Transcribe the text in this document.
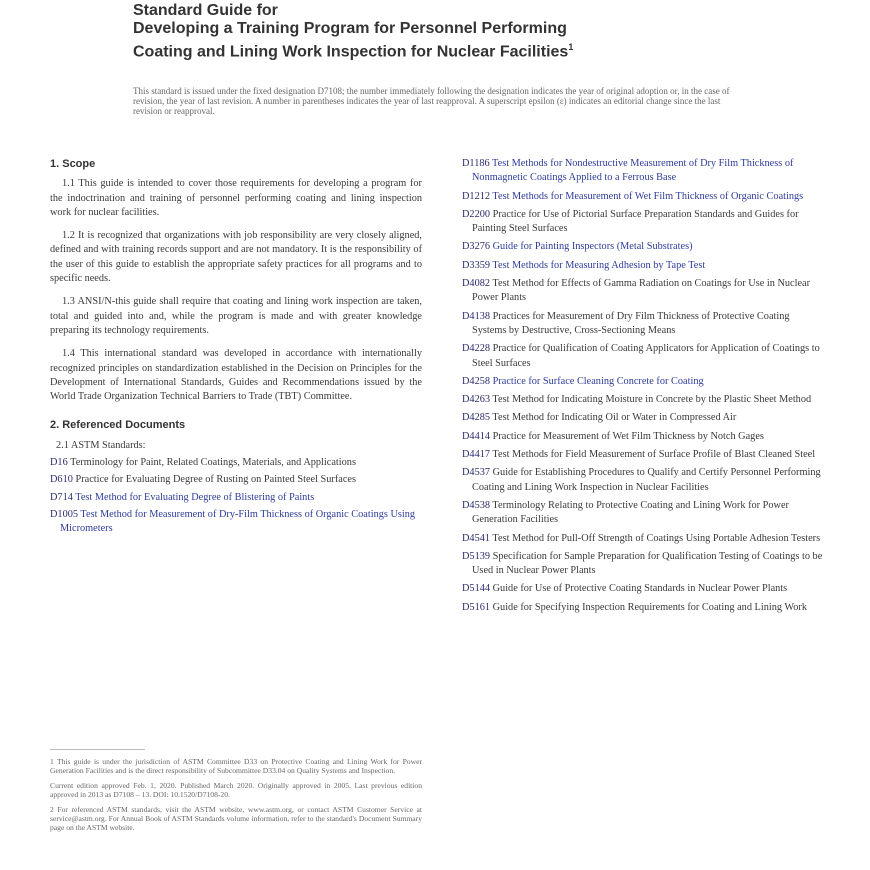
Standard Guide for

Developing a Training Program for Personnel Performing

Coating and Lining Work Inspection for Nuclear Facilities$^1$

This standard is issued under the fixed designation D7108; the number immediately following the designation indicates the year of original adoption or, in the case of revision, the year of last revision. A number in parentheses indicates the year of last reapproval. A superscript epsilon (ε) indicates an editorial change since the last revision or reapproval.
1. Scope

1.1 This guide is intended to cover those requirements for developing a program for the indoctrination and training of personnel performing coating and lining inspection work for nuclear facilities.

1.2 It is recognized that organizations with job responsibility are very closely aligned, defined and with training records support and are not mandatory. It is the responsibility of the user of this guide to establish the appropriate safety practices for all programs and to specific needs.

1.3 ANSI/N-this guide shall require that coating and lining work inspection are taken, total and guided into and, while the program is made and with greater knowledge preparing its technology requirements.

1.4 This international standard was developed in accordance with internationally recognized principles on standardization established in the Decision on Principles for the Development of International Standards, Guides and Recommendations issued by the World Trade Organization Technical Barriers to Trade (TBT) Committee.

2. Referenced Documents

2.1 ASTM Standards:

D16 Terminology for Paint, Related Coatings, Materials, and Applications

D610 Practice for Evaluating Degree of Rusting on Painted Steel Surfaces

D714 Test Method for Evaluating Degree of Blistering of Paints

D1005 Test Method for Measurement of Dry-Film Thickness of Organic Coatings Using Micrometers

D1186 Test Methods for Nondestructive Measurement of Dry Film Thickness of Nonmagnetic Coatings Applied to a Ferrous Base

D1212 Test Methods for Measurement of Wet Film Thickness of Organic Coatings

D2200 Practice for Use of Pictorial Surface Preparation Standards and Guides for Painting Steel Surfaces

D3276 Guide for Painting Inspectors (Metal Substrates)

D3359 Test Methods for Measuring Adhesion by Tape Test

D4082 Test Method for Effects of Gamma Radiation on Coatings for Use in Nuclear Power Plants

D4138 Practices for Measurement of Dry Film Thickness of Protective Coating Systems by Destructive, Cross-Sectioning Means

D4228 Practice for Qualification of Coating Applicators for Application of Coatings to Steel Surfaces

D4258 Practice for Surface Cleaning Concrete for Coating

D4263 Test Method for Indicating Moisture in Concrete by the Plastic Sheet Method

D4285 Test Method for Indicating Oil or Water in Compressed Air

D4414 Practice for Measurement of Wet Film Thickness by Notch Gages

D4417 Test Methods for Field Measurement of Surface Profile of Blast Cleaned Steel

D4537 Guide for Establishing Procedures to Qualify and Certify Personnel Performing Coating and Lining Work Inspection in Nuclear Facilities

D4538 Terminology Relating to Protective Coating and Lining Work for Power Generation Facilities

D4541 Test Method for Pull-Off Strength of Coatings Using Portable Adhesion Testers

D5139 Specification for Sample Preparation for Qualification Testing of Coatings to be Used in Nuclear Power Plants

D5144 Guide for Use of Protective Coating Standards in Nuclear Power Plants

D5161 Guide for Specifying Inspection Requirements for Coating and Lining Work

1 This guide is under the jurisdiction of ASTM Committee D33 on Protective Coating and Lining Work for Power Generation Facilities and is the direct responsibility of Subcommittee D33.04 on Quality Systems and Inspection.

Current edition approved Feb. 1, 2020. Published March 2020. Originally approved in 2005. Last previous edition approved in 2013 as D7108 – 13. DOI: 10.1520/D7108-20.

2 For referenced ASTM standards, visit the ASTM website, www.astm.org, or contact ASTM Customer Service at service@astm.org. For Annual Book of ASTM Standards volume information, refer to the standard's Document Summary page on the ASTM website.
